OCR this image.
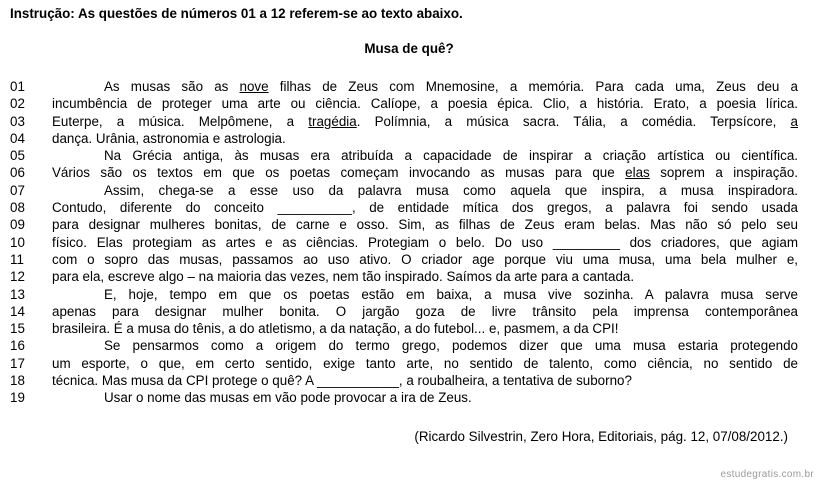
Instrução: As questões de números 01 a 12 referem-se ao texto abaixo.
Musa de quê?
01	As musas são as nove filhas de Zeus com Mnemosine, a memória. Para cada uma, Zeus deu a
02	incumbência de proteger uma arte ou ciência. Calíope, a poesia épica. Clio, a história. Erato, a poesia lírica.
03	Euterpe, a música. Melpômene, a tragédia. Polímnia, a música sacra. Tália, a comédia. Terpsícore, a
04	dança. Urânia, astronomia e astrologia.
05	Na Grécia antiga, às musas era atribuída a capacidade de inspirar a criação artística ou científica.
06	Vários são os textos em que os poetas começam invocando as musas para que elas soprem a inspiração.
07	Assim, chega-se a esse uso da palavra musa como aquela que inspira, a musa inspiradora.
08	Contudo, diferente do conceito __________, de entidade mítica dos gregos, a palavra foi sendo usada
09	para designar mulheres bonitas, de carne e osso. Sim, as filhas de Zeus eram belas. Mas não só pelo seu
10	físico. Elas protegiam as artes e as ciências. Protegiam o belo. Do uso _________ dos criadores, que agiam
11	com o sopro das musas, passamos ao uso ativo. O criador age porque viu uma musa, uma bela mulher e,
12	para ela, escreve algo – na maioria das vezes, nem tão inspirado. Saímos da arte para a cantada.
13	E, hoje, tempo em que os poetas estão em baixa, a musa vive sozinha. A palavra musa serve
14	apenas para designar mulher bonita. O jargão goza de livre trânsito pela imprensa contemporânea
15	brasileira. É a musa do tênis, a do atletismo, a da natação, a do futebol... e, pasmem, a da CPI!
16	Se pensarmos como a origem do termo grego, podemos dizer que uma musa estaria protegendo
17	um esporte, o que, em certo sentido, exige tanto arte, no sentido de talento, como ciência, no sentido de
18	técnica. Mas musa da CPI protege o quê? A ___________, a roubalheira, a tentativa de suborno?
19	Usar o nome das musas em vão pode provocar a ira de Zeus.
(Ricardo Silvestrin, Zero Hora, Editoriais, pág. 12, 07/08/2012.)
estudegratis.com.br
